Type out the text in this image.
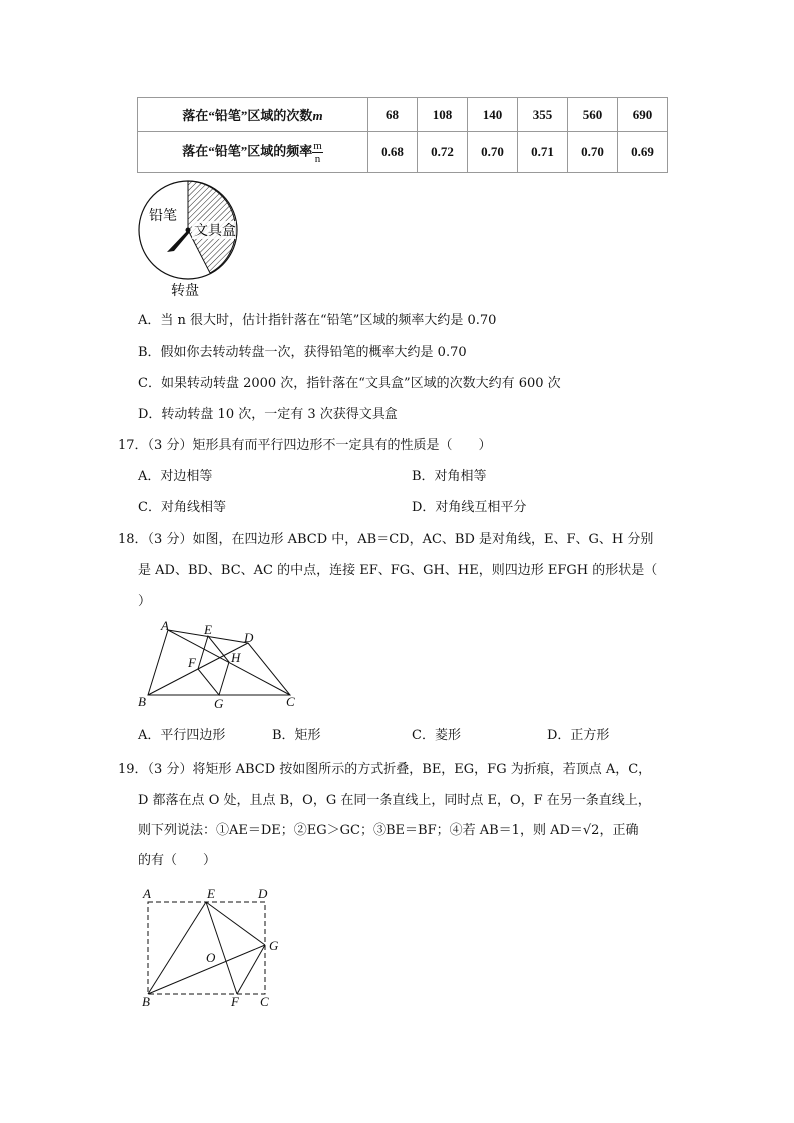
落在“铅笔”区域的次数m	68	108	140	355	560	690
落在“铅笔”区域的频率 $\frac{m}{n}$	0.68	0.72	0.70	0.71	0.70	0.69
铅笔
文具盒
转盘
A．当 n 很大时，估计指针落在“铅笔”区域的频率大约是 0.70
B．假如你去转动转盘一次，获得铅笔的概率大约是 0.70
C．如果转动转盘 2000 次，指针落在“文具盒”区域的次数大约有 600 次
D．转动转盘 10 次，一定有 3 次获得文具盒
17．（3 分）矩形具有而平行四边形不一定具有的性质是（　　）
A．对边相等	B．对角相等
C．对角线相等	D．对角线互相平分
18．（3 分）如图，在四边形 ABCD 中，AB＝CD，AC、BD 是对角线，E、F、G、H 分别
是 AD、BD、BC、AC 的中点，连接 EF、FG、GH、HE，则四边形 EFGH 的形状是（
）
A	E
D
F	H
B	G	C
A．平行四边形	B．矩形	C．菱形	D．正方形
19．（3 分）将矩形 ABCD 按如图所示的方式折叠，BE，EG，FG 为折痕，若顶点 A，C，
D 都落在点 O 处，且点 B，O，G 在同一条直线上，同时点 E，O，F 在另一条直线上，
则下列说法：①AE＝DE；②EG＞GC；③BE＝BF；④若 AB＝1，则 AD＝√2，正确
的有（　　）
A	E	D
G
O
B	F C
